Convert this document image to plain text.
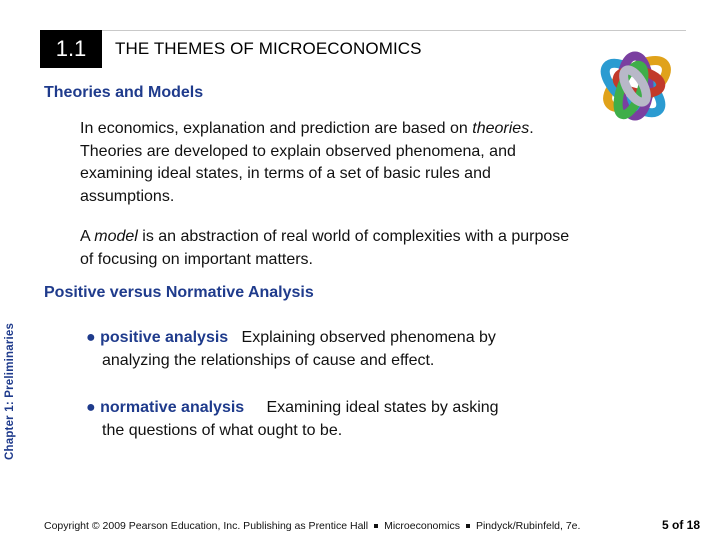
1.1	THE THEMES OF MICROECONOMICS
Theories and Models
In economics, explanation and prediction are based on theories. Theories are developed to explain observed phenomena, and examining ideal states, in terms of a set of basic rules and assumptions.
A model is an abstraction of real world of complexities with a purpose of focusing on important matters.
Positive versus Normative Analysis
Chapter 1: Preliminaries	● positive analysis Explaining observed phenomena by
analyzing the relationships of cause and effect.
● normative analysis Examining ideal states by asking
the questions of what ought to be.
Copyright © 2009 Pearson Education, Inc. Publishing as Prentice Hall Microeconomics Pindyck/Rubinfeld, 7e.	5 of 18
